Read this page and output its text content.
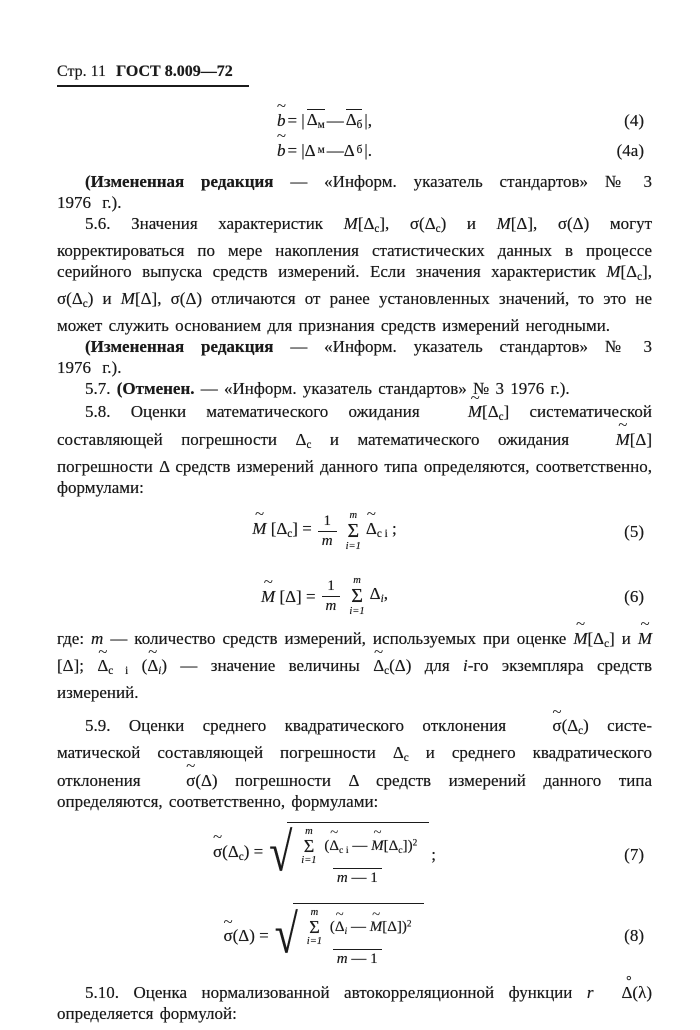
Стр. 11 ГОСТ 8.009—72
b ~ = | $\Delta_м$ — $\Delta_б$ |,	(4)
b ~ = |Δ м —Δ б |.	(4а)

(Измененная редакция — «Информ. указатель стандартов» № 3 1976 г.).

5.6. Значения характеристик $M[\Delta_с]$, $\sigma(\Delta_с)$ и M[Δ], σ(Δ) могут корректироваться по мере накопления статистических данных в процессе серийного выпуска средств измерений. Если значения характеристик $M[\Delta_с]$, $\sigma(\Delta_с)$ и M[Δ], σ(Δ) отличаются от ранее установленных значений, то это не может служить основанием для признания средств измерений негодными.

(Измененная редакция — «Информ. указатель стандартов» № 3 1976 г.).

5.7. (Отменен. — «Информ. указатель стандартов» № 3 1976 г.).

5.8. Оценки математического ожидания M $\sim[\Delta_с]$ систематической составляющей погрешности $\Delta_с$ и математического ожидания M ~[Δ] погрешности Δ средств измерений данного типа определяются, соответственно, формулами:

M ~ $[\Delta_с] = \frac{1}{m}$ m
Σ
i=1
Δ $\sim_{с i}$ ;	(5)
M ~ $[\Delta] = \frac{1}{m}$ m
Σ
i=1
$\Delta_i$,	(6)

где: m — количество средств измерений, используемых при оценке M $\sim[\Delta_с]$ и M ~[Δ]; Δ $\sim_{с i}$ (Δ $\sim_i$) — значение величины Δ $\sim_с(\Delta)$ для i-го экземпляра средств измерений.

5.9. Оценки среднего квадратического отклонения σ $\sim(\Delta_с)$ систематической составляющей погрешности $\Delta_с$ и среднего квадратического отклонения σ ~(Δ) погрешности Δ средств измерений данного типа определяются, соответственно, формулами:

σ $\sim(\Delta_с)$ = √ m
Σ
i=1
(Δ $\sim_{с i}$ — M $\sim[\Delta_с])^2$
m — 1
;	(7)
σ ~(Δ) = √ m
Σ
i=1
(Δ $\sim_i$ — M ~[Δ])$^2$
m — 1
(8)

5.10. Оценка нормализованной автокорреляционной функции r Δ °(λ) определяется формулой:
